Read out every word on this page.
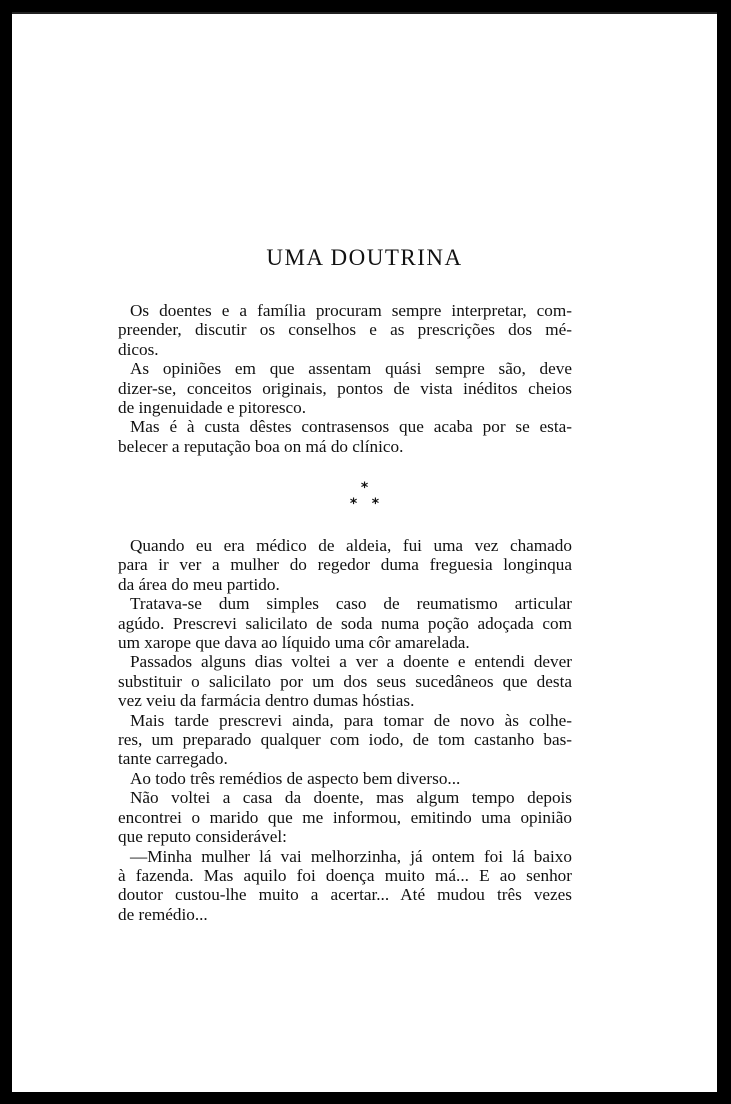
UMA DOUTRINA

Os doentes e a família procuram sempre interpretar, com-
preender, discutir os conselhos e as prescrições dos mé-
dicos.

As opiniões em que assentam quási sempre são, deve
dizer-se, conceitos originais, pontos de vista inéditos cheios
de ingenuidade e pitoresco.

Mas é à custa dêstes contrasensos que acaba por se esta-
belecer a reputação boa on má do clínico.

*
*   *

Quando eu era médico de aldeia, fui uma vez chamado
para ir ver a mulher do regedor duma freguesia longinqua
da área do meu partido.

Tratava-se dum simples caso de reumatismo articular
agúdo. Prescrevi salicilato de soda numa poção adoçada com
um xarope que dava ao líquido uma côr amarelada.

Passados alguns dias voltei a ver a doente e entendi dever
substituir o salicilato por um dos seus sucedâneos que desta
vez veiu da farmácia dentro dumas hóstias.

Mais tarde prescrevi ainda, para tomar de novo às colhe-
res, um preparado qualquer com iodo, de tom castanho bas-
tante carregado.

Ao todo três remédios de aspecto bem diverso...

Não voltei a casa da doente, mas algum tempo depois
encontrei o marido que me informou, emitindo uma opinião
que reputo considerável:

—Minha mulher lá vai melhorzinha, já ontem foi lá baixo
à fazenda. Mas aquilo foi doença muito má... E ao senhor
doutor custou-lhe muito a acertar... Até mudou três vezes
de remédio...
